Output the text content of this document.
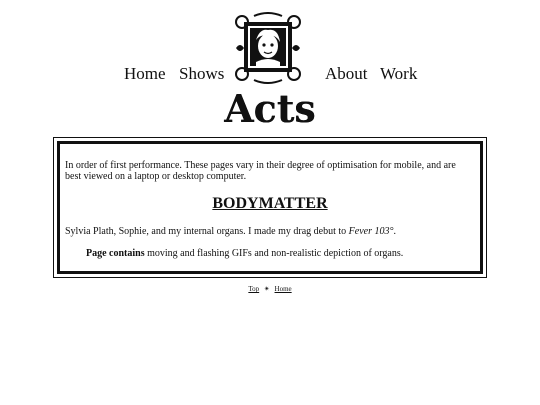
Home Shows	About Work
Acts
In order of first performance. These pages vary in their degree of optimisation for mobile, and are best viewed on a laptop or desktop computer.
BODYMATTER
Sylvia Plath, Sophie, and my internal organs. I made my drag debut to Fever 103°.
Page contains moving and flashing GIFs and non-realistic depiction of organs.
Top ✴ Home
